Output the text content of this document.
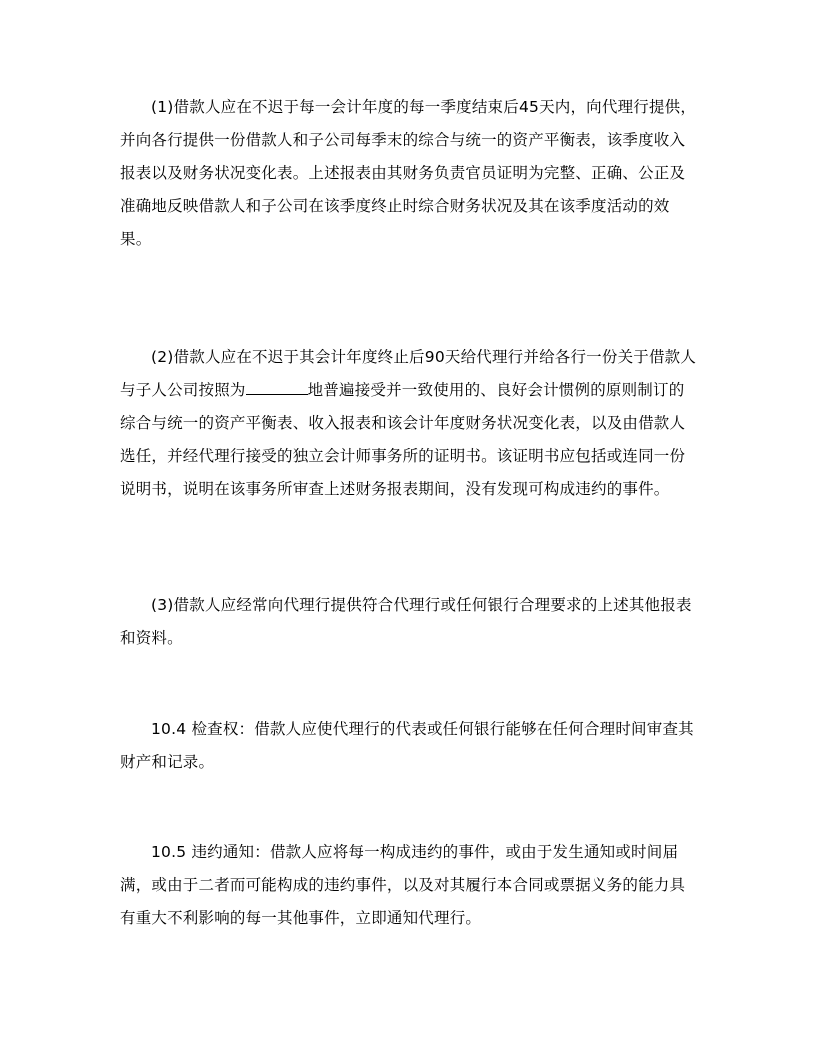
(1)借款人应在不迟于每一会计年度的每一季度结束后45天内，向代理行提供，并向各行提供一份借款人和子公司每季末的综合与统一的资产平衡表，该季度收入报表以及财务状况变化表。上述报表由其财务负责官员证明为完整、正确、公正及准确地反映借款人和子公司在该季度终止时综合财务状况及其在该季度活动的效果。

(2)借款人应在不迟于其会计年度终止后90天给代理行并给各行一份关于借款人与子人公司按照为	地普遍接受并一致使用的、良好会计惯例的原则制订的综合与统一的资产平衡表、收入报表和该会计年度财务状况变化表，以及由借款人选任，并经代理行接受的独立会计师事务所的证明书。该证明书应包括或连同一份说明书，说明在该事务所审查上述财务报表期间，没有发现可构成违约的事件。

(3)借款人应经常向代理行提供符合代理行或任何银行合理要求的上述其他报表和资料。

10.4 检查权：借款人应使代理行的代表或任何银行能够在任何合理时间审查其财产和记录。

10.5 违约通知：借款人应将每一构成违约的事件，或由于发生通知或时间届满，或由于二者而可能构成的违约事件，以及对其履行本合同或票据义务的能力具有重大不利影响的每一其他事件，立即通知代理行。
